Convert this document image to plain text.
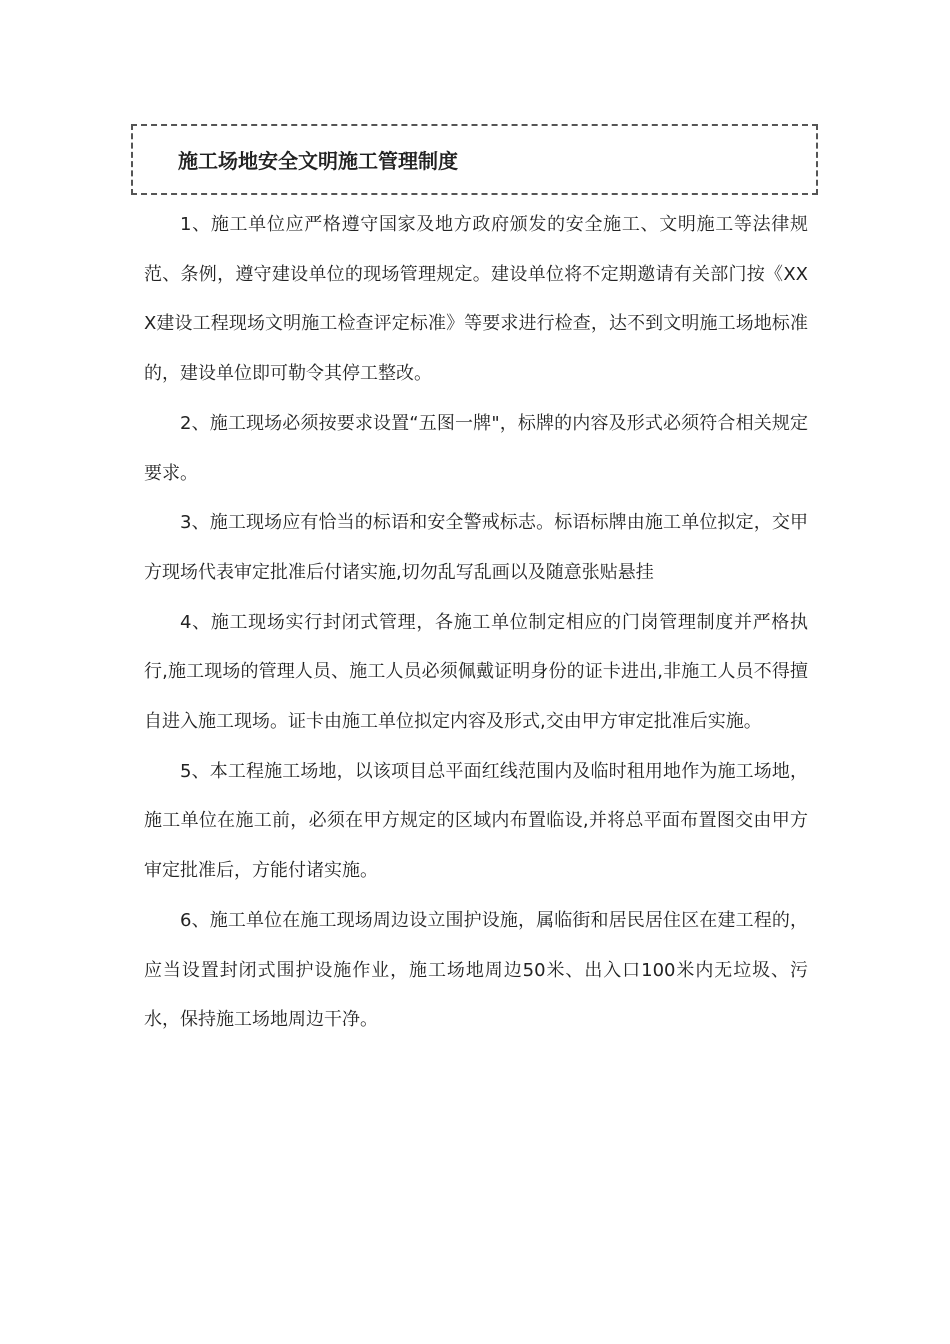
施工场地安全文明施工管理制度

1、施工单位应严格遵守国家及地方政府颁发的安全施工、文明施工等法律规范、条例，遵守建设单位的现场管理规定。建设单位将不定期邀请有关部门按《XXX建设工程现场文明施工检查评定标准》等要求进行检查，达不到文明施工场地标准的，建设单位即可勒令其停工整改。

2、施工现场必须按要求设置“五图一牌"，标牌的内容及形式必须符合相关规定要求。

3、施工现场应有恰当的标语和安全警戒标志。标语标牌由施工单位拟定，交甲方现场代表审定批准后付诸实施,切勿乱写乱画以及随意张贴悬挂

4、施工现场实行封闭式管理，各施工单位制定相应的门岗管理制度并严格执行,施工现场的管理人员、施工人员必须佩戴证明身份的证卡进出,非施工人员不得擅自进入施工现场。证卡由施工单位拟定内容及形式,交由甲方审定批准后实施。

5、本工程施工场地，以该项目总平面红线范围内及临时租用地作为施工场地，施工单位在施工前，必须在甲方规定的区域内布置临设,并将总平面布置图交由甲方审定批准后，方能付诸实施。

6、施工单位在施工现场周边设立围护设施，属临街和居民居住区在建工程的，应当设置封闭式围护设施作业，施工场地周边50米、出入口100米内无垃圾、污水，保持施工场地周边干净。
